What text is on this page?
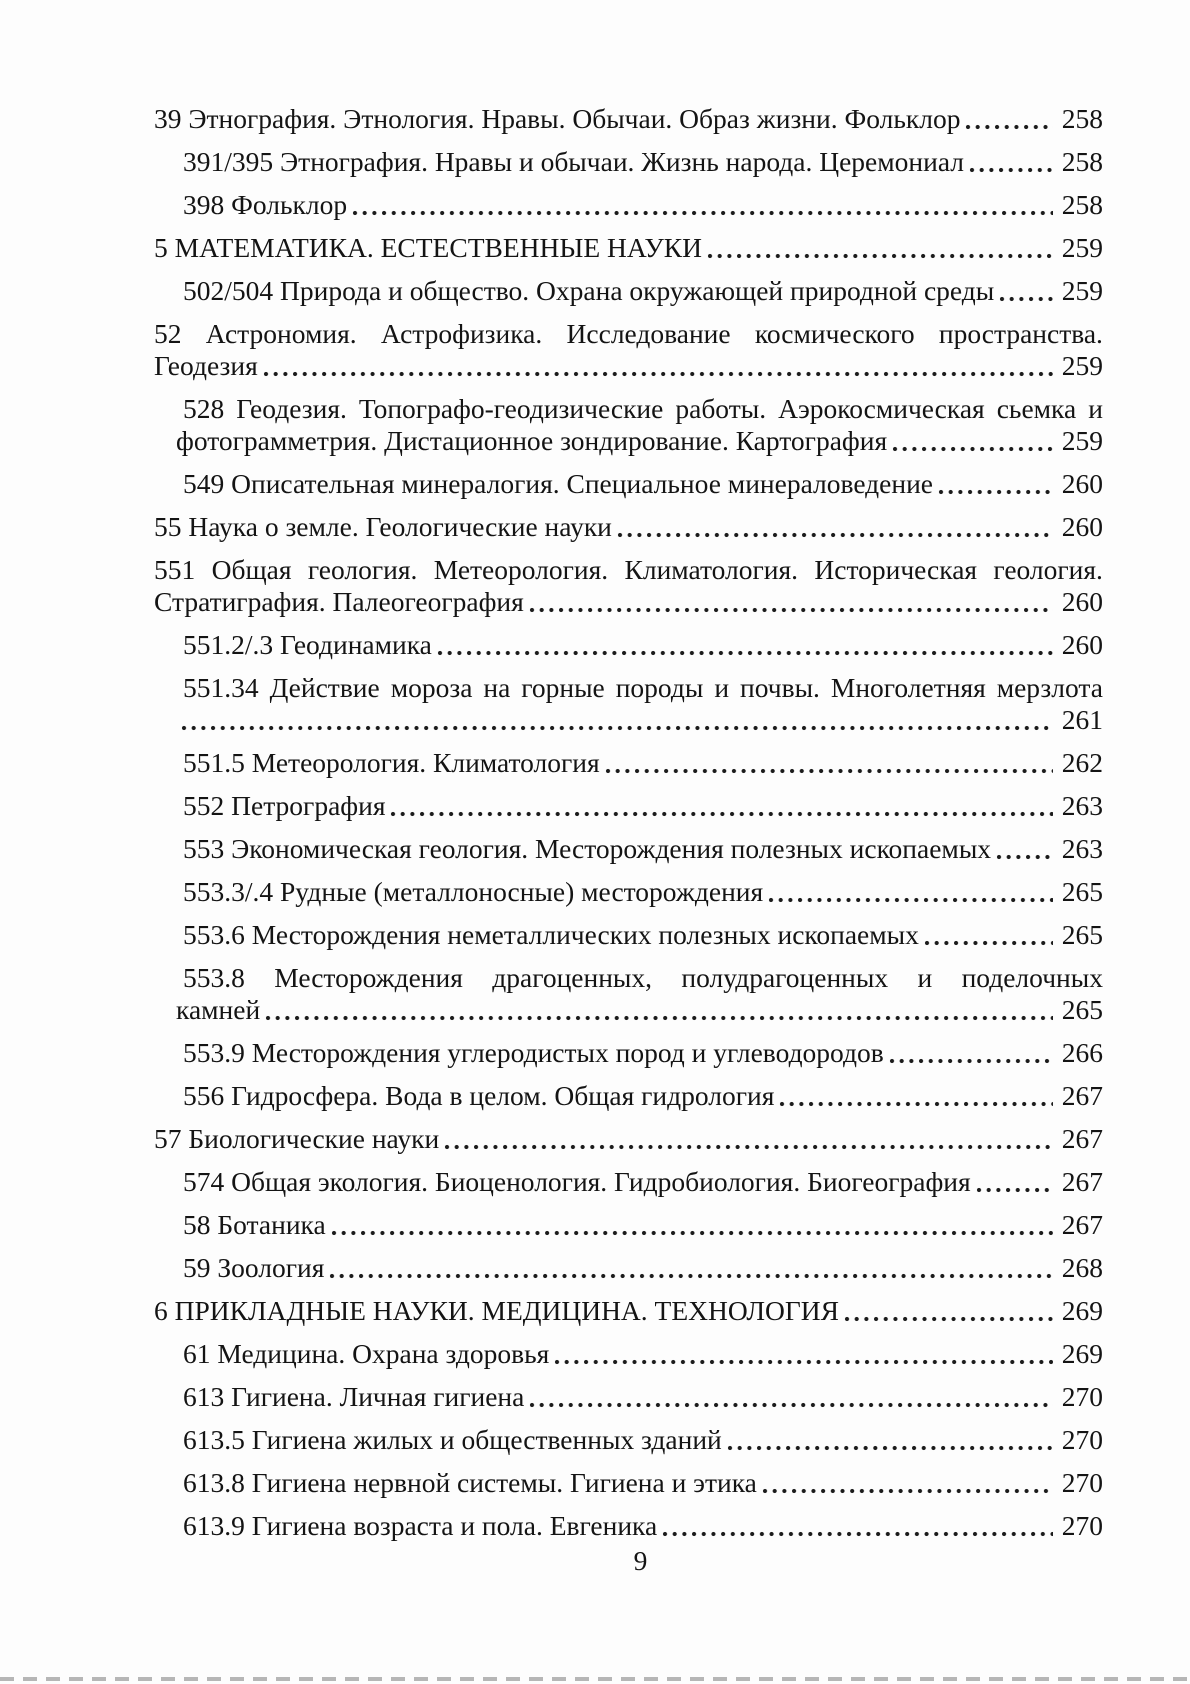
39 Этнография. Этнология. Нравы. Обычаи. Образ жизни. Фольклор	258
391/395 Этнография. Нравы и обычаи. Жизнь народа. Церемониал	258
398 Фольклор	258
5 МАТЕМАТИКА. ЕСТЕСТВЕННЫЕ НАУКИ	259
502/504 Природа и общество. Охрана окружающей природной среды 259
52 Астрономия. Астрофизика. Исследование космического пространства.
Геодезия	259
528 Геодезия. Топографо-геодизические работы. Аэрокосмическая сьемка и
фотограмметрия. Дистационное зондирование. Картография	259
549 Описательная минералогия. Специальное минераловедение	260
55 Наука о земле. Геологические науки	260
551 Общая геология. Метеорология. Климатология. Историческая геология.
Стратиграфия. Палеогеография	260
551.2/.3 Геодинамика	260
551.34 Действие мороза на горные породы и почвы. Многолетняя мерзлота
261
551.5 Метеорология. Климатология	262
552 Петрография	263
553 Экономическая геология. Месторождения полезных ископаемых	263
553.3/.4 Рудные (металлоносные) месторождения	265
553.6 Месторождения неметаллических полезных ископаемых	265
553.8 Месторождения драгоценных, полудрагоценных и поделочных
камней	265
553.9 Месторождения углеродистых пород и углеводородов	266
556 Гидросфера. Вода в целом. Общая гидрология	267
57 Биологические науки	267
574 Общая экология. Биоценология. Гидробиология. Биогеография	267
58 Ботаника	267
59 Зоология	268
6 ПРИКЛАДНЫЕ НАУКИ. МЕДИЦИНА. ТЕХНОЛОГИЯ	269
61 Медицина. Охрана здоровья	269
613 Гигиена. Личная гигиена	270
613.5 Гигиена жилых и общественных зданий	270
613.8 Гигиена нервной системы. Гигиена и этика	270
613.9 Гигиена возраста и пола. Евгеника	270
9
